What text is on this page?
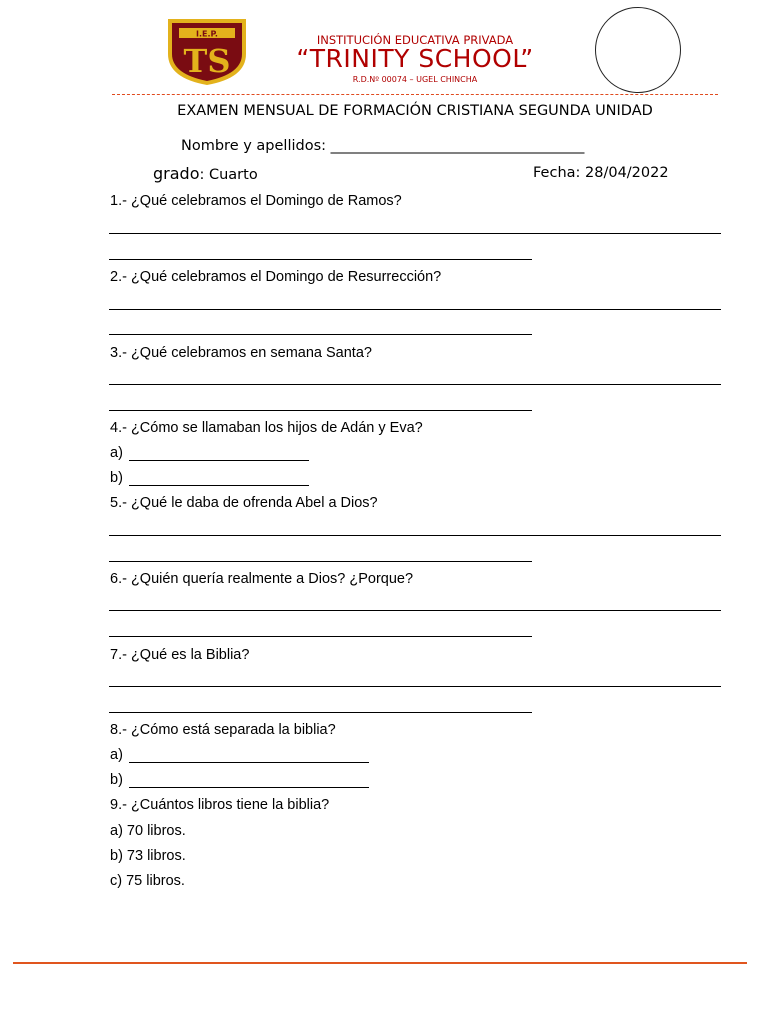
I.E.P.
TS
INSTITUCIÓN EDUCATIVA PRIVADA
“TRINITY SCHOOL”
R.D.Nº 00074 – UGEL CHINCHA
EXAMEN MENSUAL DE FORMACIÓN CRISTIANA SEGUNDA UNIDAD
Nombre y apellidos: ___________________________________
grado: Cuarto	Fecha: 28/04/2022
1.- ¿Qué celebramos el Domingo de Ramos?
2.- ¿Qué celebramos el Domingo de Resurrección?
3.- ¿Qué celebramos en semana Santa?
4.- ¿Cómo se llamaban los hijos de Adán y Eva?
a)
b)
5.- ¿Qué le daba de ofrenda Abel a Dios?
6.- ¿Quién quería realmente a Dios? ¿Porque?
7.- ¿Qué es la Biblia?
8.- ¿Cómo está separada la biblia?
a)
b)
9.- ¿Cuántos libros tiene la biblia?
a) 70 libros.
b) 73 libros.
c) 75 libros.
